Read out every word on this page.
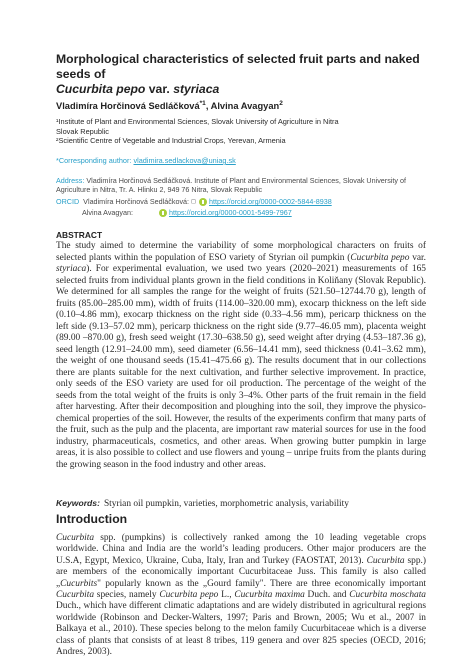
Morphological characteristics of selected fruit parts and naked seeds of
Cucurbita pepo var. styriaca
Vladimíra Horčinová Sedláčková$^{*1}$, Alvina Avagyan$^2$

¹Institute of Plant and Environmental Sciences, Slovak University of Agriculture in Nitra

Slovak Republic

²Scientific Centre of Vegetable and Industrial Crops, Yerevan, Armenia

*Corresponding author: vladimira.sedlackova@uniag.sk

Address: Vladimíra Horčinová Sedláčková. Institute of Plant and Environmental Sciences, Slovak University of Agriculture in Nitra, Tr. A. Hlinku 2, 949 76 Nitra, Slovak Republic

ORCID Vladimíra Horčinová Sedláčková: ◻ https://orcid.org/0000-0002-5844-8938
Alvina Avagyan:	https://orcid.org/0000-0001-5499-7967
ABSTRACT

The study aimed to determine the variability of some morphological characters on fruits of selected plants within the population of ESO variety of Styrian oil pumpkin (Cucurbita pepo var. styriaca). For experimental evaluation, we used two years (2020–2021) measurements of 165 selected fruits from individual plants grown in the field conditions in Koliňany (Slovak Republic). We determined for all samples the range for the weight of fruits (521.50–12744.70 g), length of fruits (85.00–285.00 mm), width of fruits (114.00–320.00 mm), exocarp thickness on the left side (0.10–4.86 mm), exocarp thickness on the right side (0.33–4.56 mm), pericarp thickness on the left side (9.13–57.02 mm), pericarp thickness on the right side (9.77–46.05 mm), placenta weight (89.00 –870.00 g), fresh seed weight (17.30–638.50 g), seed weight after drying (4.53–187.36 g), seed length (12.91–24.00 mm), seed diameter (6.56–14.41 mm), seed thickness (0.41–3.62 mm), the weight of one thousand seeds (15.41–475.66 g). The results document that in our collections there are plants suitable for the next cultivation, and further selective improvement. In practice, only seeds of the ESO variety are used for oil production. The percentage of the weight of the seeds from the total weight of the fruits is only 3–4%. Other parts of the fruit remain in the field after harvesting. After their decomposition and ploughing into the soil, they improve the physico-chemical properties of the soil. However, the results of the experiments confirm that many parts of the fruit, such as the pulp and the placenta, are important raw material sources for use in the food industry, pharmaceuticals, cosmetics, and other areas. When growing butter pumpkin in large areas, it is also possible to collect and use flowers and young – unripe fruits from the plants during the growing season in the food industry and other areas.

Keywords: Styrian oil pumpkin, varieties, morphometric analysis, variability

Introduction

Cucurbita spp. (pumpkins) is collectively ranked among the 10 leading vegetable crops worldwide. China and India are the world’s leading producers. Other major producers are the U.S.A, Egypt, Mexico, Ukraine, Cuba, Italy, Iran and Turkey (FAOSTAT, 2013). Cucurbita spp.) are members of the economically important Cucurbitaceae Juss. This family is also called „Cucurbits" popularly known as the „Gourd family". There are three economically important Cucurbita species, namely Cucurbita pepo L., Cucurbita maxima Duch. and Cucurbita moschata Duch., which have different climatic adaptations and are widely distributed in agricultural regions worldwide (Robinson and Decker-Walters, 1997; Paris and Brown, 2005; Wu et al., 2007 in Balkaya et al., 2010). These species belong to the melon family Cucurbitaceae which is a diverse class of plants that consists of at least 8 tribes, 119 genera and over 825 species (OECD, 2016; Andres, 2003).
